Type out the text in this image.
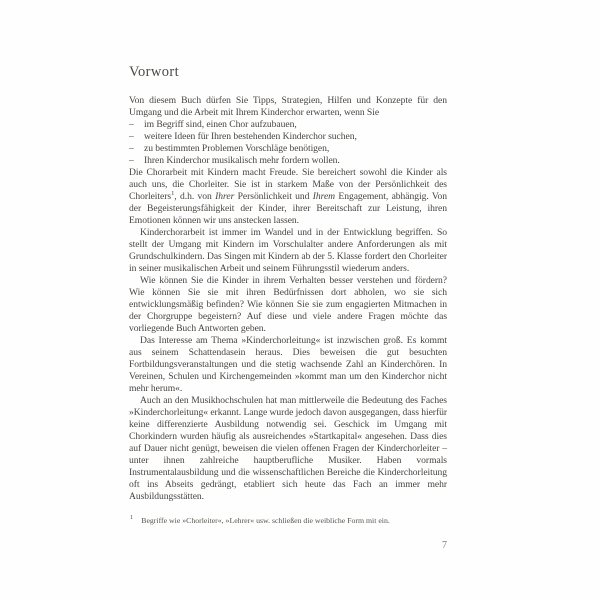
Vorwort

Von diesem Buch dürfen Sie Tipps, Strategien, Hilfen und Konzepte für den Umgang und die Arbeit mit Ihrem Kinderchor erwarten, wenn Sie

–	im Begriff sind, einen Chor aufzubauen,
–	weitere Ideen für Ihren bestehenden Kinderchor suchen,
–	zu bestimmten Problemen Vorschläge benötigen,
–	Ihren Kinderchor musikalisch mehr fordern wollen.

Die Chorarbeit mit Kindern macht Freude. Sie bereichert sowohl die Kinder als auch uns, die Chorleiter. Sie ist in starkem Maße von der Persönlichkeit des Chorleiters$^1$, d.h. von Ihrer Persönlichkeit und Ihrem Engagement, abhängig. Von der Begeisterungsfähigkeit der Kinder, ihrer Bereitschaft zur Leistung, ihren Emotionen können wir uns anstecken lassen.

Kinderchorarbeit ist immer im Wandel und in der Entwicklung begriffen. So stellt der Umgang mit Kindern im Vorschulalter andere Anforderungen als mit Grundschulkindern. Das Singen mit Kindern ab der 5. Klasse fordert den Chorleiter in seiner musikalischen Arbeit und seinem Führungsstil wiederum anders.

Wie können Sie die Kinder in ihrem Verhalten besser verstehen und fördern? Wie können Sie sie mit ihren Bedürfnissen dort abholen, wo sie sich entwicklungsmäßig befinden? Wie können Sie sie zum engagierten Mitmachen in der Chorgruppe begeistern? Auf diese und viele andere Fragen möchte das vorliegende Buch Antworten geben.

Das Interesse am Thema »Kinderchorleitung« ist inzwischen groß. Es kommt aus seinem Schattendasein heraus. Dies beweisen die gut besuchten Fortbildungsveranstaltungen und die stetig wachsende Zahl an Kinderchören. In Vereinen, Schulen und Kirchengemeinden »kommt man um den Kinderchor nicht mehr herum«.

Auch an den Musikhochschulen hat man mittlerweile die Bedeutung des Faches »Kinderchorleitung« erkannt. Lange wurde jedoch davon ausgegangen, dass hierfür keine differenzierte Ausbildung notwendig sei. Geschick im Umgang mit Chorkindern wurden häufig als ausreichendes »Startkapital« angesehen. Dass dies auf Dauer nicht genügt, beweisen die vielen offenen Fragen der Kinderchorleiter – unter ihnen zahlreiche hauptberufliche Musiker. Haben vormals Instrumentalausbildung und die wissenschaftlichen Bereiche die Kinderchorleitung oft ins Abseits gedrängt, etabliert sich heute das Fach an immer mehr Ausbildungsstätten.

$^1$ Begriffe wie »Chorleiter«, »Lehrer« usw. schließen die weibliche Form mit ein.
7
